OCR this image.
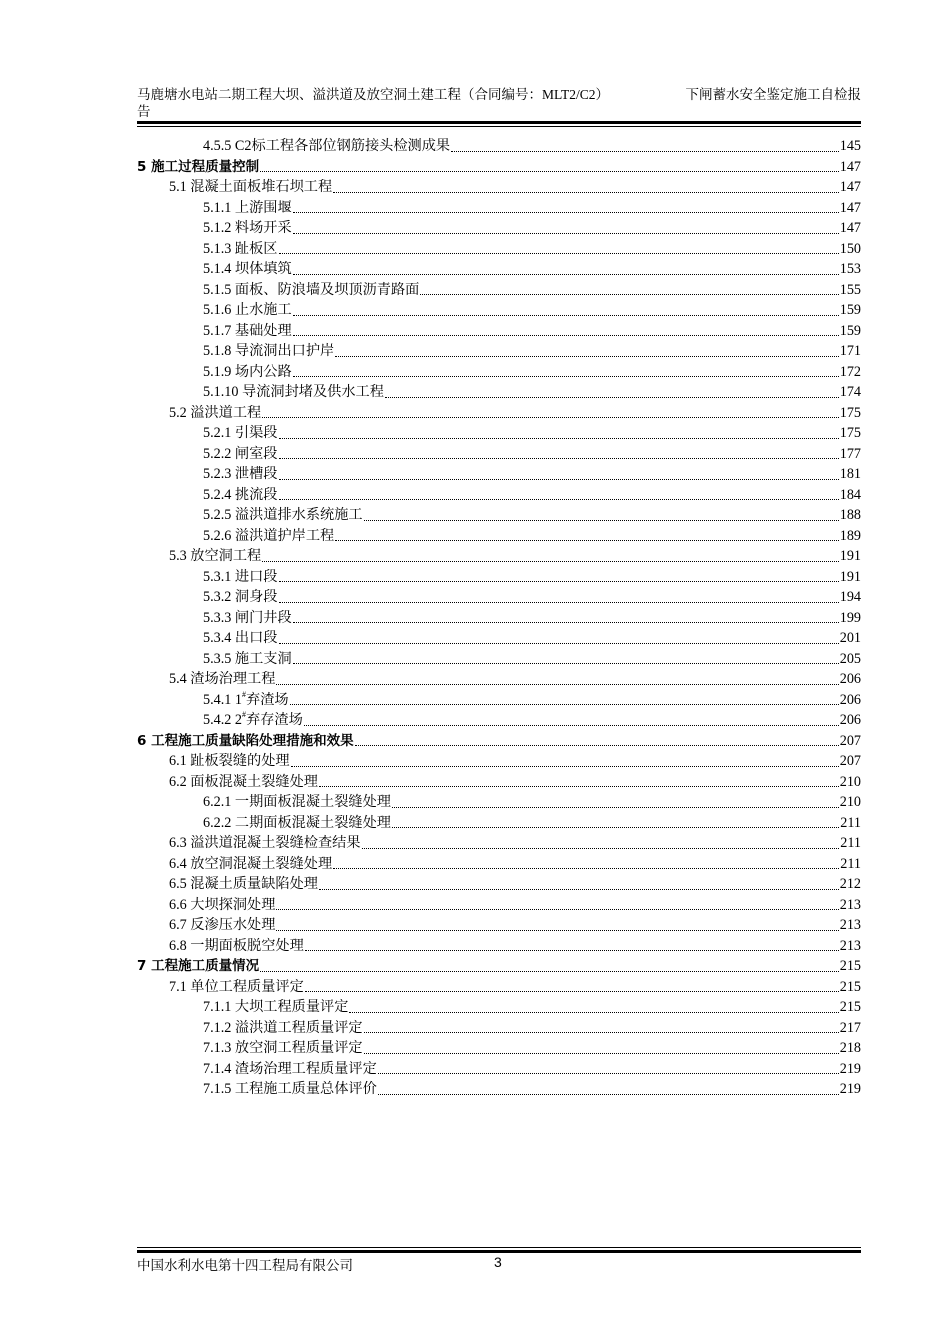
马鹿塘水电站二期工程大坝、溢洪道及放空洞土建工程（合同编号：MLT2/C2）	下闸蓄水安全鉴定施工自检报
告
4.5.5 C2标工程各部位钢筋接头检测成果	145
5 施工过程质量控制	147
5.1 混凝土面板堆石坝工程	147
5.1.1 上游围堰	147
5.1.2 料场开采	147
5.1.3 趾板区	150
5.1.4 坝体填筑	153
5.1.5 面板、防浪墙及坝顶沥青路面	155
5.1.6 止水施工	159
5.1.7 基础处理	159
5.1.8 导流洞出口护岸	171
5.1.9 场内公路	172
5.1.10 导流洞封堵及供水工程	174
5.2 溢洪道工程	175
5.2.1 引渠段	175
5.2.2 闸室段	177
5.2.3 泄槽段	181
5.2.4 挑流段	184
5.2.5 溢洪道排水系统施工	188
5.2.6 溢洪道护岸工程	189
5.3 放空洞工程	191
5.3.1 进口段	191
5.3.2 洞身段	194
5.3.3 闸门井段	199
5.3.4 出口段	201
5.3.5 施工支洞	205
5.4 渣场治理工程	206
5.4.1 1#弃渣场	206
5.4.2 2#弃存渣场	206
6 工程施工质量缺陷处理措施和效果	207
6.1 趾板裂缝的处理	207
6.2 面板混凝土裂缝处理	210
6.2.1 一期面板混凝土裂缝处理	210
6.2.2 二期面板混凝土裂缝处理	211
6.3 溢洪道混凝土裂缝检查结果	211
6.4 放空洞混凝土裂缝处理	211
6.5 混凝土质量缺陷处理	212
6.6 大坝探洞处理	213
6.7 反渗压水处理	213
6.8 一期面板脱空处理	213
7 工程施工质量情况	215
7.1 单位工程质量评定	215
7.1.1 大坝工程质量评定	215
7.1.2 溢洪道工程质量评定	217
7.1.3 放空洞工程质量评定	218
7.1.4 渣场治理工程质量评定	219
7.1.5 工程施工质量总体评价	219
中国水利水电第十四工程局有限公司	3
